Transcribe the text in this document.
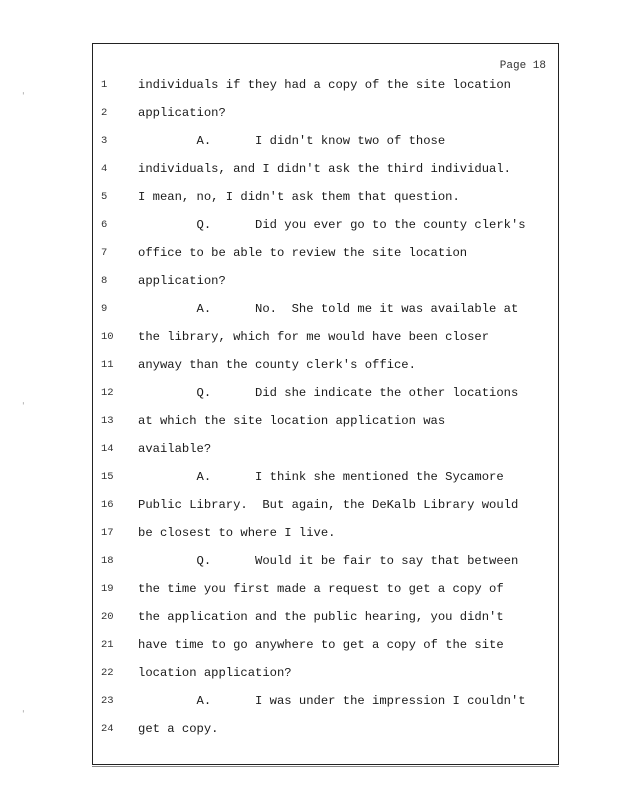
Page 18
1	individuals if they had a copy of the site location
2	application?
3	A.      I didn't know two of those
4	individuals, and I didn't ask the third individual.
5	I mean, no, I didn't ask them that question.
6	Q.      Did you ever go to the county clerk's
7	office to be able to review the site location
8	application?
9	A.      No.  She told me it was available at
10	the library, which for me would have been closer
11	anyway than the county clerk's office.
12	Q.      Did she indicate the other locations
13	at which the site location application was
14	available?
15	A.      I think she mentioned the Sycamore
16	Public Library.  But again, the DeKalb Library would
17	be closest to where I live.
18	Q.      Would it be fair to say that between
19	the time you first made a request to get a copy of
20	the application and the public hearing, you didn't
21	have time to go anywhere to get a copy of the site
22	location application?
23	A.      I was under the impression I couldn't
24	get a copy.
ˈ
ˈ
ˈ
